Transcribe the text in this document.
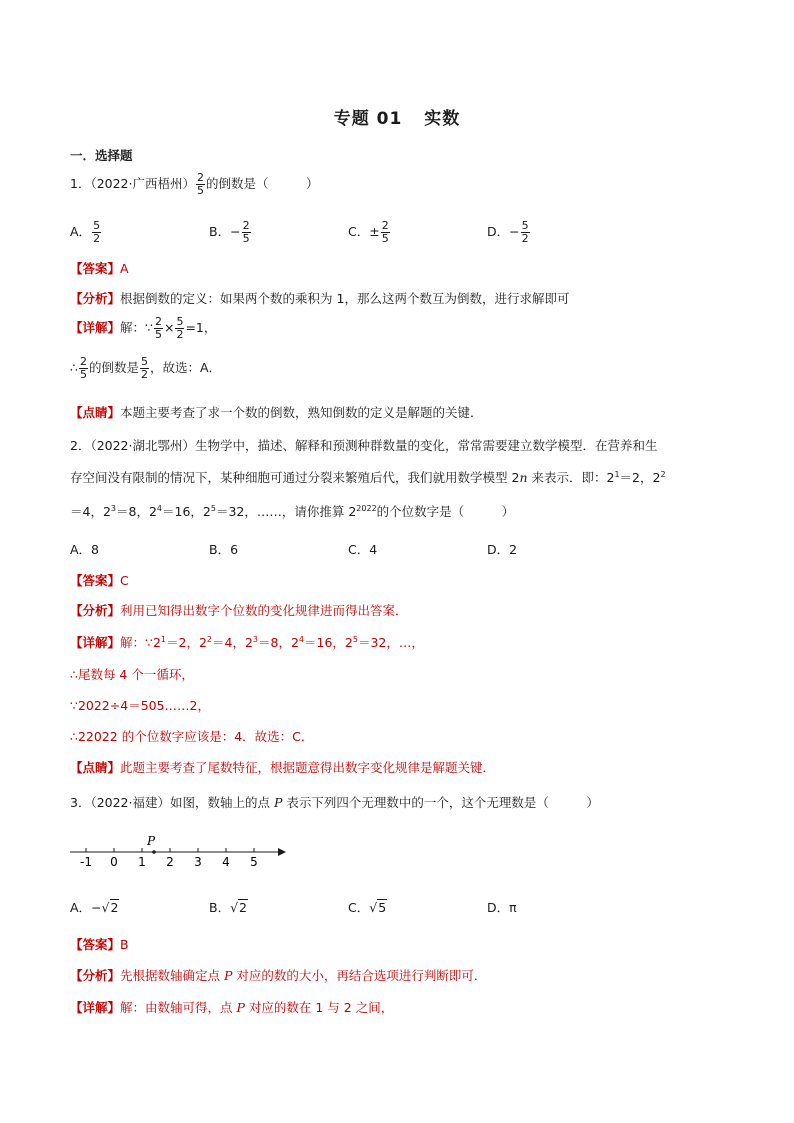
专题 01 实数
一．选择题
1．（2022·广西梧州） $\frac{2}{5}$ 的倒数是（　　　）
A． $\frac{5}{2}$	B．− $\frac{2}{5}$	C．± $\frac{2}{5}$	D．− $\frac{5}{2}$
【答案】A
【分析】根据倒数的定义：如果两个数的乘积为 1，那么这两个数互为倒数，进行求解即可
【详解】解：∵ $\frac{2}{5} \times \frac{5}{2} =1$，
∴ $\frac{2}{5}$ 的倒数是 $\frac{5}{2}$ ，故选：A．
【点睛】本题主要考查了求一个数的倒数，熟知倒数的定义是解题的关键．
2．（2022·湖北鄂州）生物学中，描述、解释和预测种群数量的变化，常常需要建立数学模型．在营养和生
存空间没有限制的情况下，某种细胞可通过分裂来繁殖后代，我们就用数学模型 2n 来表示．即：$2^1=2$，$2^2$
＝4，$2^3=8$，$2^4=16$，$2^5=32$，……，请你推算 $2^{2022}$的个位数字是（　　　）
A．8	B．6	C．4	D．2
【答案】C
【分析】利用已知得出数字个位数的变化规律进而得出答案．
【详解】解：$\because 2^1=2$，$2^2=4$，$2^3=8$，$2^4=16$，$2^5=32$，…，
∴尾数每 4 个一循环，
∵2022÷4＝505……2，
∴22022 的个位数字应该是：4．故选：C．
【点睛】此题主要考查了尾数特征，根据题意得出数字变化规律是解题关键．
3．（2022·福建）如图，数轴上的点 P 表示下列四个无理数中的一个，这个无理数是（　　　）
-1 0 1 2 3 4 5
P
A．−√2	B．√2	C．√5	D．π
【答案】B
【分析】先根据数轴确定点 P 对应的数的大小，再结合选项进行判断即可．
【详解】解：由数轴可得，点 P 对应的数在 1 与 2 之间，
